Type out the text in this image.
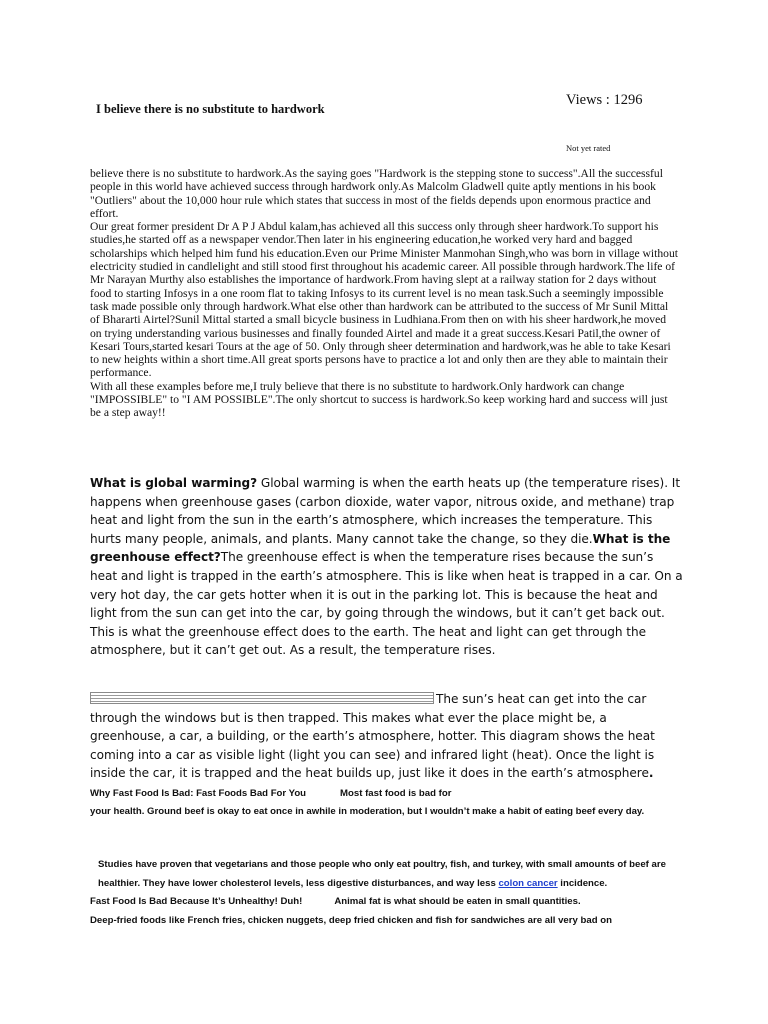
I believe there is no substitute to hardwork
Views : 1296
Not yet rated

believe there is no substitute to hardwork.As the saying goes "Hardwork is the stepping stone to success".All the successful people in this world have achieved success through hardwork only.As Malcolm Gladwell quite aptly mentions in his book "Outliers" about the 10,000 hour rule which states that success in most of the fields depends upon enormous practice and effort.

Our great former president Dr A P J Abdul kalam,has achieved all this success only through sheer hardwork.To support his studies,he started off as a newspaper vendor.Then later in his engineering education,he worked very hard and bagged scholarships which helped him fund his education.Even our Prime Minister Manmohan Singh,who was born in village without electricity studied in candlelight and still stood first throughout his academic career. All possible through hardwork.The life of Mr Narayan Murthy also establishes the importance of hardwork.From having slept at a railway station for 2 days without food to starting Infosys in a one room flat to taking Infosys to its current level is no mean task.Such a seemingly impossible task made possible only through hardwork.What else other than hardwork can be attributed to the success of Mr Sunil Mittal of Bhararti Airtel?Sunil Mittal started a small bicycle business in Ludhiana.From then on with his sheer hardwork,he moved on trying understanding various businesses and finally founded Airtel and made it a great success.Kesari Patil,the owner of Kesari Tours,started kesari Tours at the age of 50. Only through sheer determination and hardwork,was he able to take Kesari to new heights within a short time.All great sports persons have to practice a lot and only then are they able to maintain their performance.

With all these examples before me,I truly believe that there is no substitute to hardwork.Only hardwork can change "IMPOSSIBLE" to "I AM POSSIBLE".The only shortcut to success is hardwork.So keep working hard and success will just be a step away!!

What is global warming? Global warming is when the earth heats up (the temperature rises). It happens when greenhouse gases (carbon dioxide, water vapor, nitrous oxide, and methane) trap heat and light from the sun in the earth’s atmosphere, which increases the temperature. This hurts many people, animals, and plants. Many cannot take the change, so they die.What is the greenhouse effect?The greenhouse effect is when the temperature rises because the sun’s heat and light is trapped in the earth’s atmosphere. This is like when heat is trapped in a car. On a very hot day, the car gets hotter when it is out in the parking lot. This is because the heat and light from the sun can get into the car, by going through the windows, but it can’t get back out. This is what the greenhouse effect does to the earth. The heat and light can get through the atmosphere, but it can’t get out. As a result, the temperature rises.

The sun’s heat can get into the car through the windows but is then trapped. This makes what ever the place might be, a greenhouse, a car, a building, or the earth’s atmosphere, hotter. This diagram shows the heat coming into a car as visible light (light you can see) and infrared light (heat). Once the light is inside the car, it is trapped and the heat builds up, just like it does in the earth’s atmosphere.Why Fast Food Is Bad: Fast Foods Bad For You	Most fast food is bad for

your health. Ground beef is okay to eat once in awhile in moderation, but I wouldn’t make a habit of eating beef every day.

Studies have proven that vegetarians and those people who only eat poultry, fish, and turkey, with small amounts of beef are healthier. They have lower cholesterol levels, less digestive disturbances, and way less colon cancer incidence.

Fast Food Is Bad Because It’s Unhealthy! Duh!	Animal fat is what should be eaten in small quantities.

Deep-fried foods like French fries, chicken nuggets, deep fried chicken and fish for sandwiches are all very bad on
